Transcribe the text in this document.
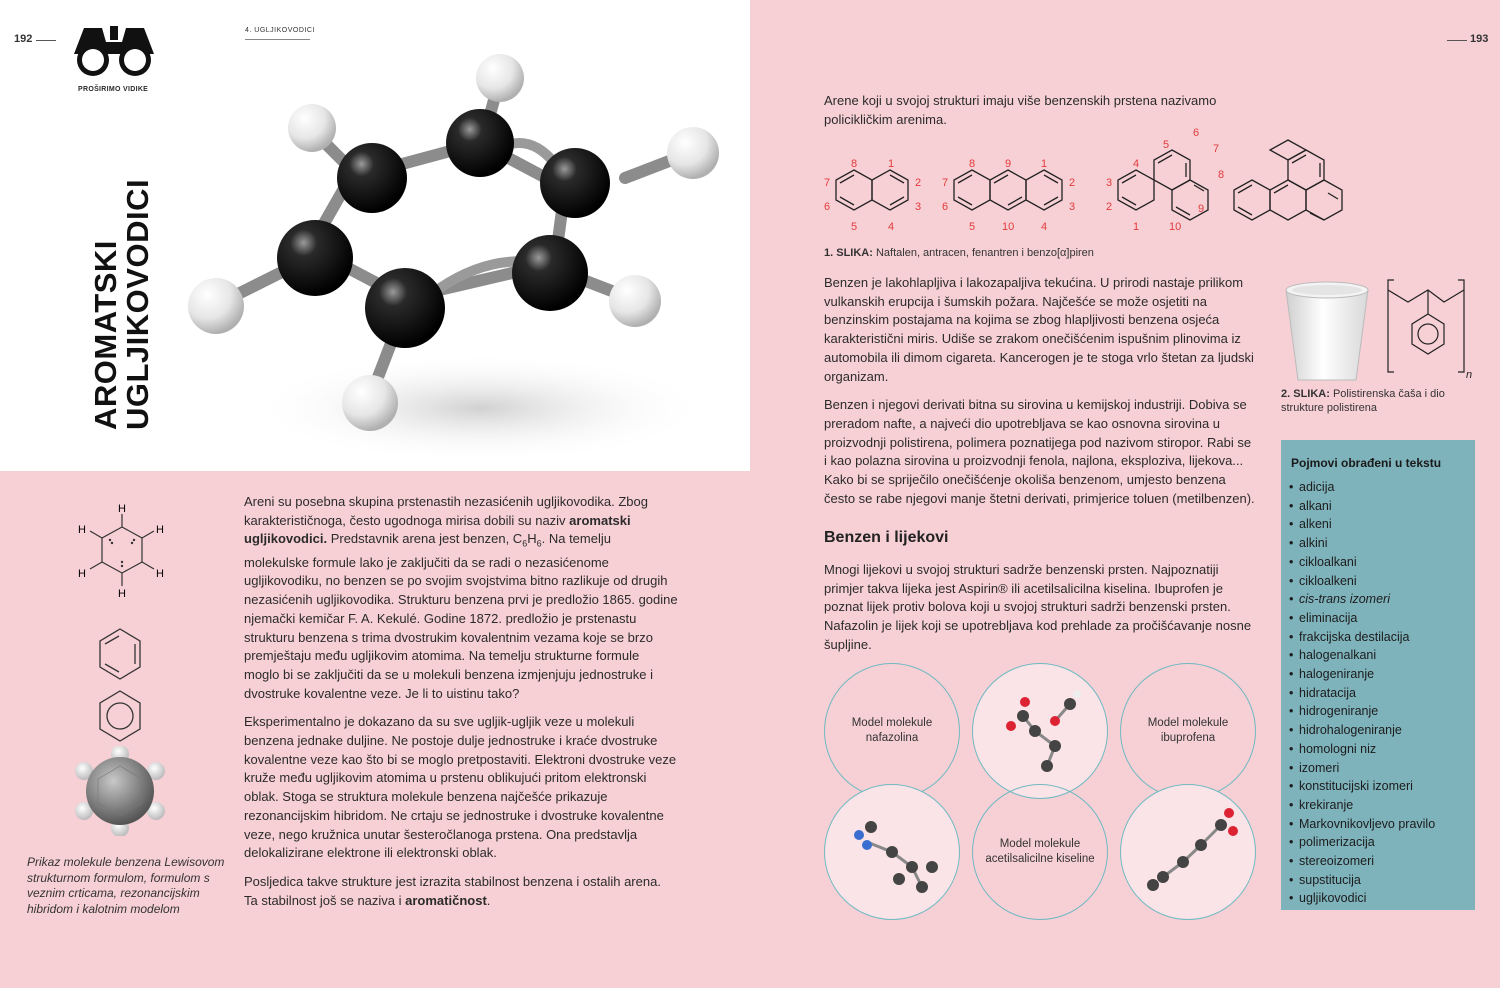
192
PROŠIRIMO VIDIKE
4. UGLJIKOVODICI
AROMATSKI
UGLJIKOVODICI
H
H
H
H
H
H
Prikaz molekule benzena Lewisovom strukturnom formulom, formulom s veznim crticama, rezonancijskim hibridom i kalotnim modelom

Areni su posebna skupina prstenastih nezasićenih ugljikovodika. Zbog karakterističnoga, često ugodnoga mirisa dobili su naziv aromatski ugljikovodici. Predstavnik arena jest benzen, $C_6H_6$. Na temelju molekulske formule lako je zaključiti da se radi o nezasićenome ugljikovodiku, no benzen se po svojim svojstvima bitno razlikuje od drugih nezasićenih ugljikovodika. Strukturu benzena prvi je predložio 1865. godine njemački kemičar F. A. Kekulé. Godine 1872. predložio je prstenastu strukturu benzena s trima dvostrukim kovalentnim vezama koje se brzo premještaju među ugljikovim atomima. Na temelju strukturne formule moglo bi se zaključiti da se u molekuli benzena izmjenjuju jednostruke i dvostruke kovalentne veze. Je li to uistinu tako?

Eksperimentalno je dokazano da su sve ugljik-ugljik veze u molekuli benzena jednake duljine. Ne postoje dulje jednostruke i kraće dvostruke kovalentne veze kao što bi se moglo pretpostaviti. Elektroni dvostruke veze kruže među ugljikovim atomima u prstenu oblikujući pritom elektronski oblak. Stoga se struktura molekule benzena najčešće prikazuje rezonancijskim hibridom. Ne crtaju se jednostruke i dvostruke kovalentne veze, nego kružnica unutar šesteročlanoga prstena. Ona predstavlja delokalizirane elektrone ili elektronski oblak.

Posljedica takve strukture jest izrazita stabilnost benzena i ostalih arena. Ta stabilnost još se naziva i aromatičnost.

193
Arene koji u svojoj strukturi imaju više benzenskih prstena nazivamo policikličkim arenima.
8	1
7	2
6	3
5	4
8	9	1
7	2
6	3
5 10 4
6
5	7
4
8
3
2	9
1	10
1. SLIKA: Naftalen, antracen, fenantren i benzo[α]piren

Benzen je lakohlapljiva i lakozapaljiva tekućina. U prirodi nastaje prilikom vulkanskih erupcija i šumskih požara. Najčešće se može osjetiti na benzinskim postajama na kojima se zbog hlapljivosti benzena osjeća karakteristični miris. Udiše se zrakom onečišćenim ispušnim plinovima iz automobila ili dimom cigareta. Kancerogen je te stoga vrlo štetan za ljudski organizam.

Benzen i njegovi derivati bitna su sirovina u kemijskoj industriji. Dobiva se preradom nafte, a najveći dio upotrebljava se kao osnovna sirovina u proizvodnji polistirena, polimera poznatijega pod nazivom stiropor. Rabi se i kao polazna sirovina u proizvodnji fenola, najlona, eksploziva, lijekova... Kako bi se spriječilo onečišćenje okoliša benzenom, umjesto benzena često se rabe njegovi manje štetni derivati, primjerice toluen (metilbenzen).

n
2. SLIKA: Polistirenska čaša i dio strukture polistirena
Benzen i lijekovi
Mnogi lijekovi u svojoj strukturi sadrže benzenski prsten. Najpoznatiji primjer takva lijeka jest Aspirin® ili acetilsalicilna kiselina. Ibuprofen je poznat lijek protiv bolova koji u svojoj strukturi sadrži benzenski prsten. Nafazolin je lijek koji se upotrebljava kod prehlade za pročišćavanje nosne šupljine.
Model molekule nafazolina
Model molekule ibuprofena
Model molekule acetilsalicilne kiseline
Pojmovi obrađeni u tekstu
• adicija
• alkani
• alkeni
• alkini
• cikloalkani
• cikloalkeni
• cis-trans izomeri
• eliminacija
• frakcijska destilacija
• halogenalkani
• halogeniranje
• hidratacija
• hidrogeniranje
• hidrohalogeniranje
• homologni niz
• izomeri
• konstitucijski izomeri
• krekiranje
• Markovnikovljevo pravilo
• polimerizacija
• stereoizomeri
• supstitucija
• ugljikovodici
